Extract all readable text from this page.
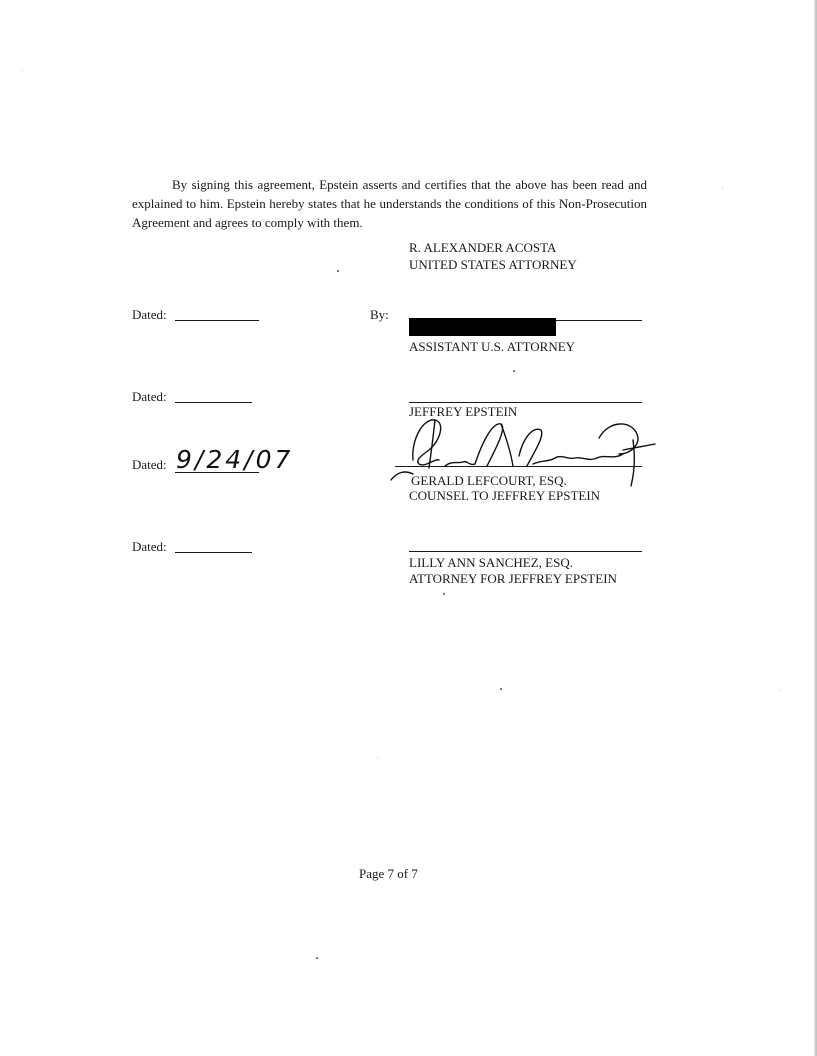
By signing this agreement, Epstein asserts and certifies that the above has been read and explained to him. Epstein hereby states that he understands the conditions of this Non-Prosecution Agreement and agrees to comply with them.

R. ALEXANDER ACOSTA
UNITED STATES ATTORNEY
Dated:	By:
ASSISTANT U.S. ATTORNEY
Dated:
JEFFREY EPSTEIN
Dated: 9/24/07
GERALD LEFCOURT, ESQ.
COUNSEL TO JEFFREY EPSTEIN
Dated:
LILLY ANN SANCHEZ, ESQ.
ATTORNEY FOR JEFFREY EPSTEIN
Page 7 of 7
